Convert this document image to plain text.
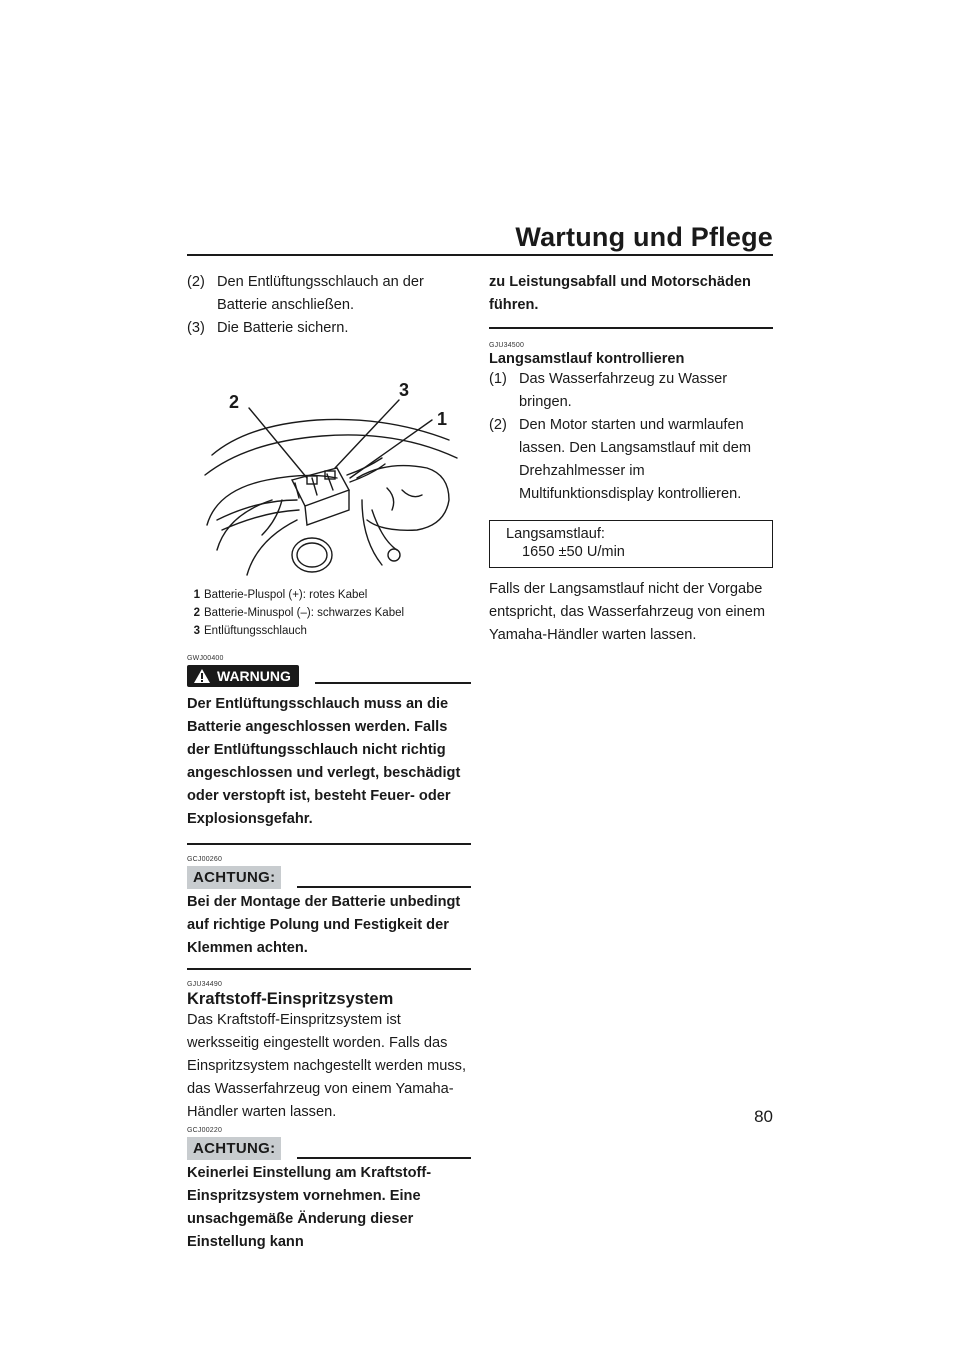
Wartung und Pflege
(2) Den Entlüftungsschlauch an der Batterie anschließen.
(3) Die Batterie sichern.
2
3
1
1 Batterie-Pluspol (+): rotes Kabel
2 Batterie-Minuspol (–): schwarzes Kabel
3 Entlüftungsschlauch
GWJ00400
WARNUNG
Der Entlüftungsschlauch muss an die Batterie angeschlossen werden. Falls der Entlüftungsschlauch nicht richtig angeschlossen und verlegt, beschädigt oder verstopft ist, besteht Feuer- oder Explosionsgefahr.
GCJ00260
ACHTUNG:
Bei der Montage der Batterie unbedingt auf richtige Polung und Festigkeit der Klemmen achten.
GJU34490
Kraftstoff-Einspritzsystem
Das Kraftstoff-Einspritzsystem ist werksseitig eingestellt worden. Falls das Einspritzsystem nachgestellt werden muss, das Wasserfahrzeug von einem Yamaha-Händler warten lassen.
GCJ00220
ACHTUNG:
Keinerlei Einstellung am Kraftstoff-Einspritzsystem vornehmen. Eine unsachgemäße Änderung dieser Einstellung kann
zu Leistungsabfall und Motorschäden führen.
GJU34500
Langsamstlauf kontrollieren
(1) Das Wasserfahrzeug zu Wasser bringen.
(2) Den Motor starten und warmlaufen lassen. Den Langsamstlauf mit dem Drehzahlmesser im Multifunktionsdisplay kontrollieren.
Langsamstlauf:
1650 ±50 U/min
Falls der Langsamstlauf nicht der Vorgabe entspricht, das Wasserfahrzeug von einem Yamaha-Händler warten lassen.
80
